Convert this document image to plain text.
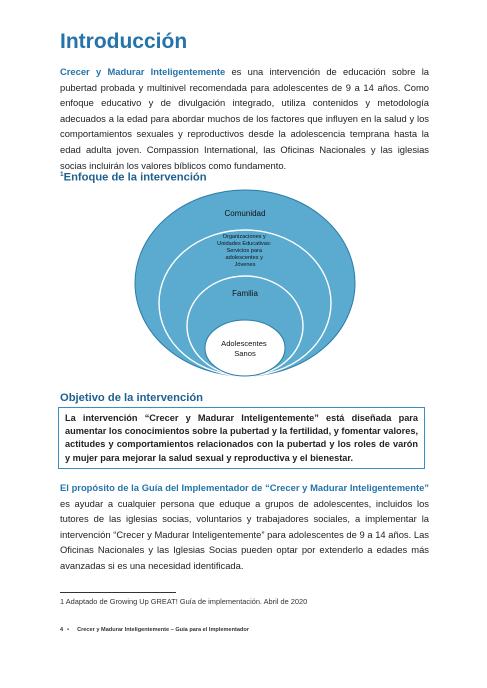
Introducción

Crecer y Madurar Inteligentemente es una intervención de educación sobre la pubertad probada y multinivel recomendada para adolescentes de 9 a 14 años. Como enfoque educativo y de divulgación integrado, utiliza contenidos y metodología adecuados a la edad para abordar muchos de los factores que influyen en la salud y los comportamientos sexuales y reproductivos desde la adolescencia temprana hasta la edad adulta joven. Compassion International, las Oficinas Nacionales y las iglesias socias incluirán los valores bíblicos como fundamento.

$^1$Enfoque de la intervención
Comunidad
Organizaciones y Unidades Educativas: Servicios para adolescentes y Jóvenes
Familia
Adolescentes Sanos
Objetivo de la intervención
La intervención “Crecer y Madurar Inteligentemente” está diseñada para aumentar los conocimientos sobre la pubertad y la fertilidad, y fomentar valores, actitudes y comportamientos relacionados con la pubertad y los roles de varón y mujer para mejorar la salud sexual y reproductiva y el bienestar.

El propósito de la Guía del Implementador de “Crecer y Madurar Inteligentemente” es ayudar a cualquier persona que eduque a grupos de adolescentes, incluidos los tutores de las iglesias socias, voluntarios y trabajadores sociales, a implementar la intervención “Crecer y Madurar Inteligentemente” para adolescentes de 9 a 14 años. Las Oficinas Nacionales y las Iglesias Socias pueden optar por extenderlo a edades más avanzadas si es una necesidad identificada.

1 Adaptado de Growing Up GREAT! Guía de implementación. Abril de 2020
4 • Crecer y Madurar Inteligentemente – Guía para el Implementador
